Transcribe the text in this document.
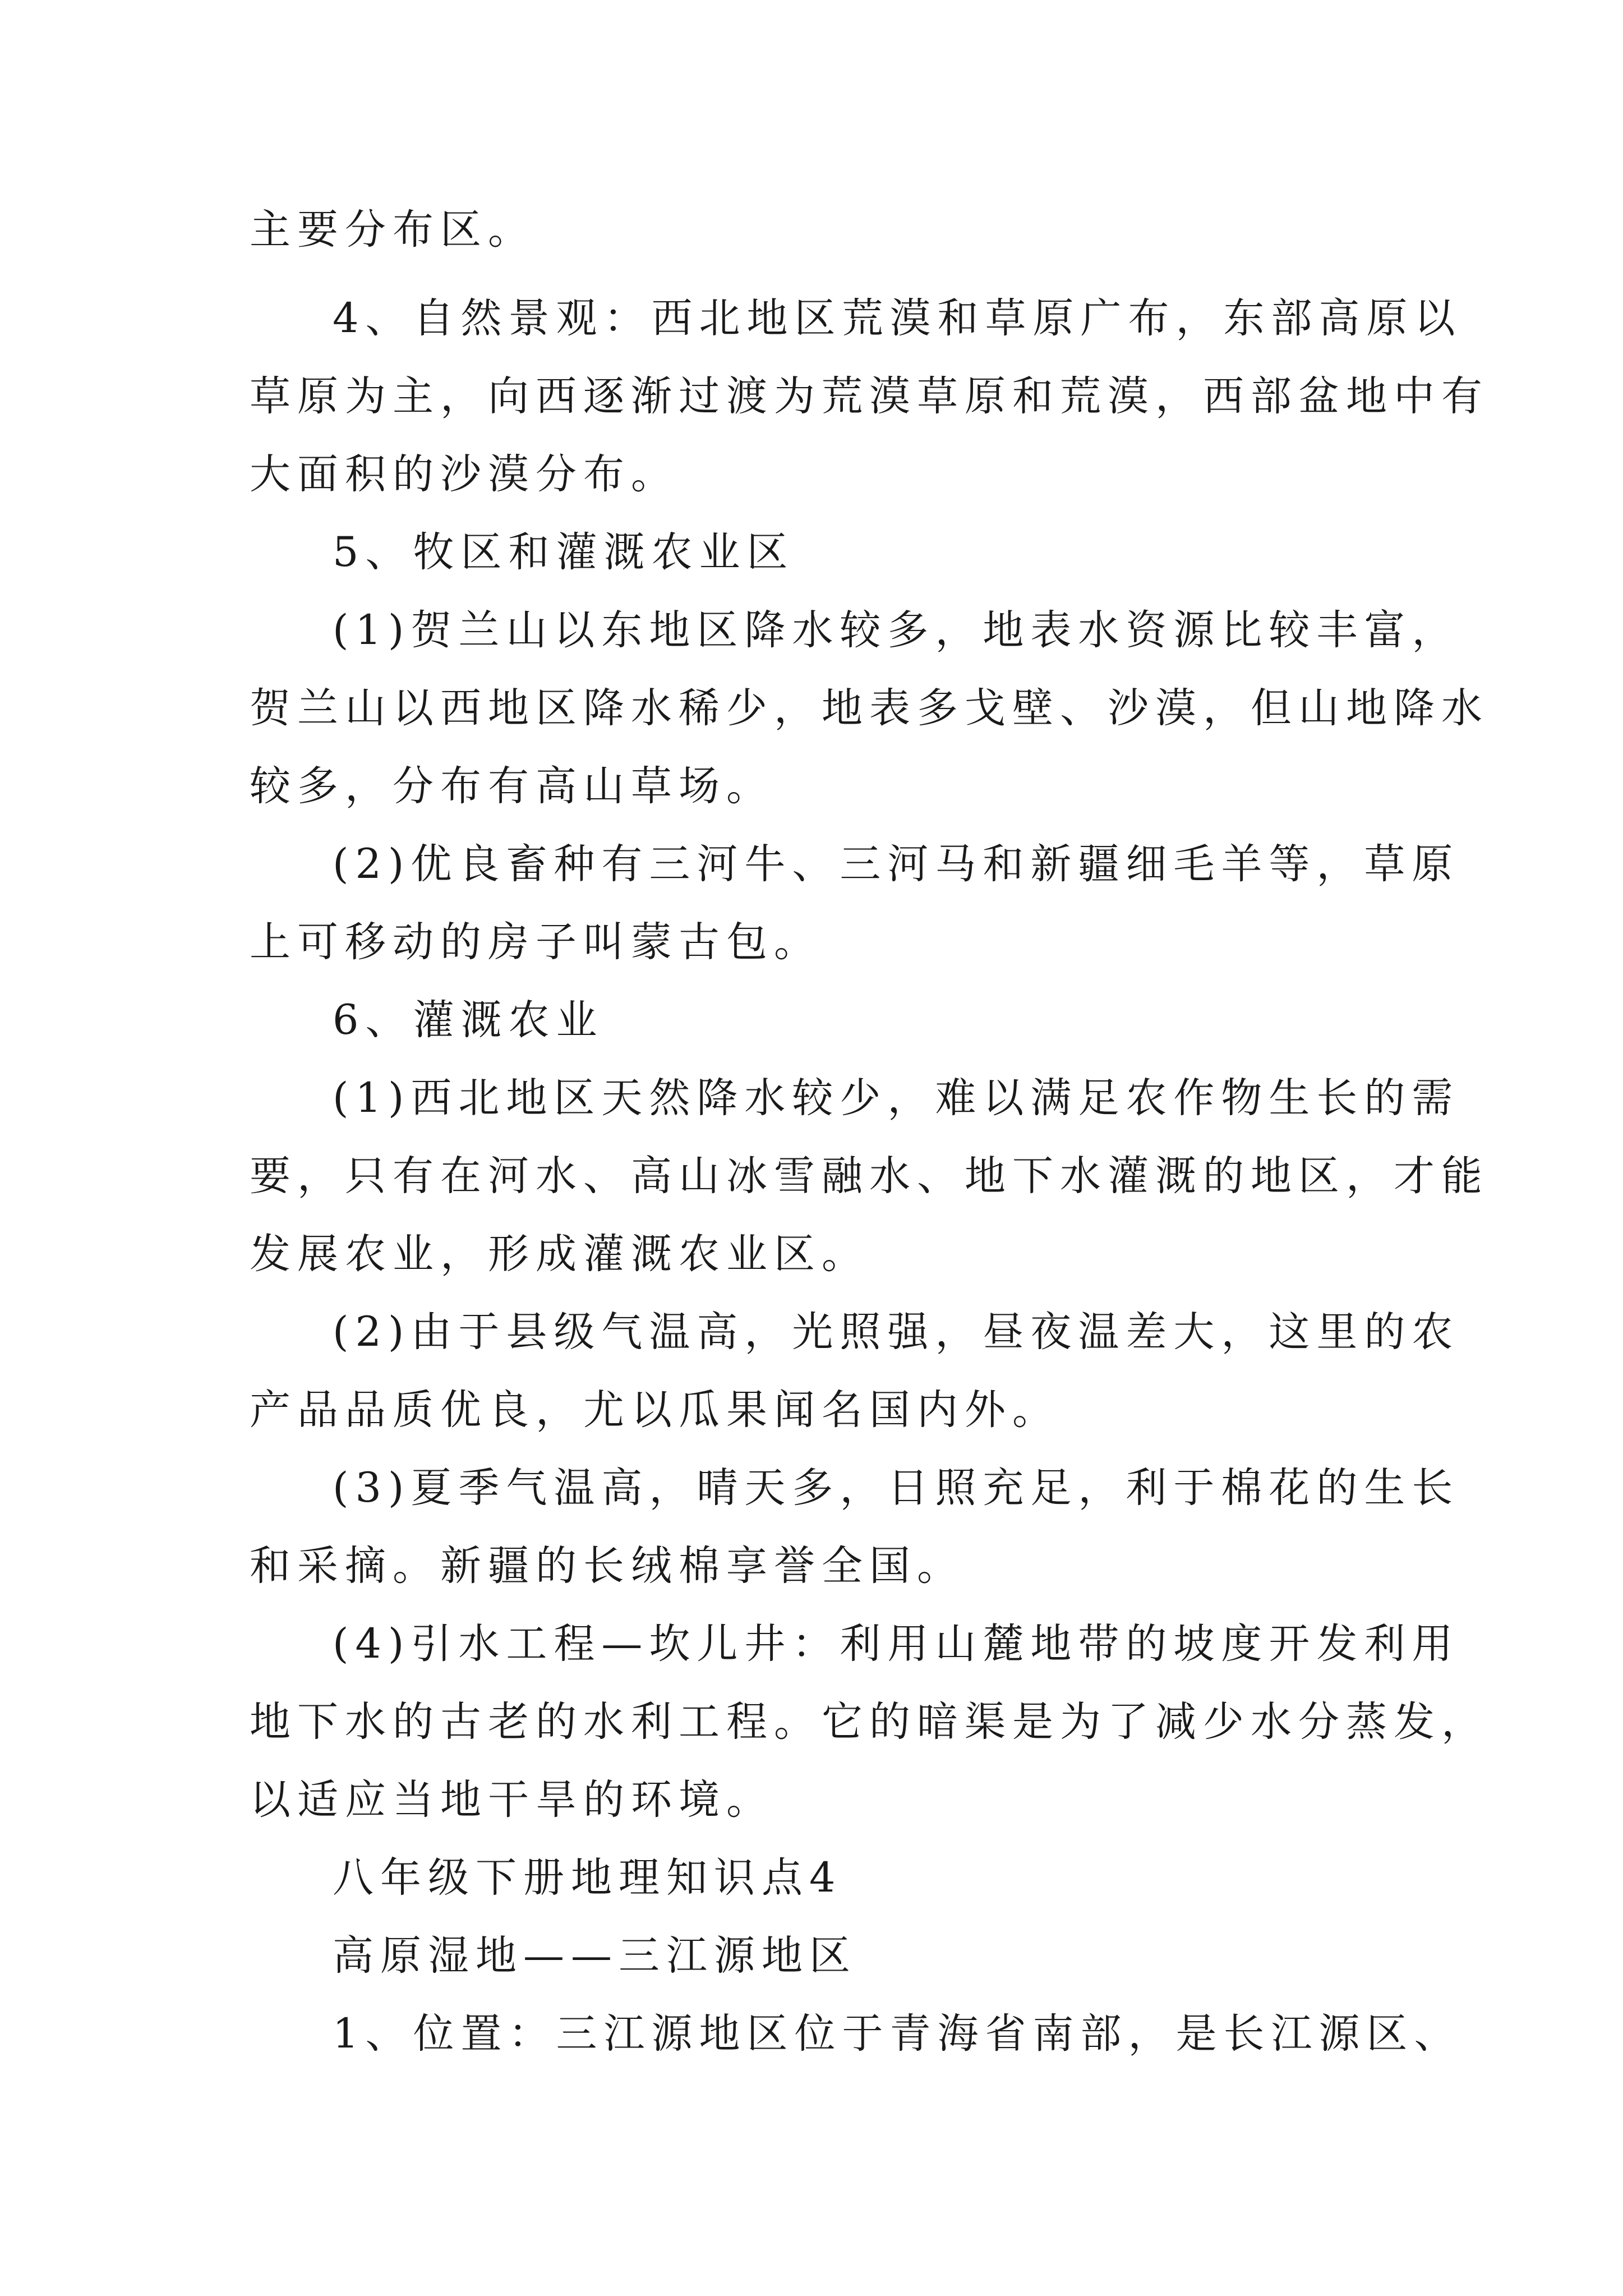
主要分布区。
4、自然景观：西北地区荒漠和草原广布，东部高原以
草原为主，向西逐渐过渡为荒漠草原和荒漠，西部盆地中有
大面积的沙漠分布。
5、牧区和灌溉农业区
(1)贺兰山以东地区降水较多，地表水资源比较丰富，
贺兰山以西地区降水稀少，地表多戈壁、沙漠，但山地降水
较多，分布有高山草场。
(2)优良畜种有三河牛、三河马和新疆细毛羊等，草原
上可移动的房子叫蒙古包。
6、灌溉农业
(1)西北地区天然降水较少，难以满足农作物生长的需
要，只有在河水、高山冰雪融水、地下水灌溉的地区，才能
发展农业，形成灌溉农业区。
(2)由于县级气温高，光照强，昼夜温差大，这里的农
产品品质优良，尤以瓜果闻名国内外。
(3)夏季气温高，晴天多，日照充足，利于棉花的生长
和采摘。新疆的长绒棉享誉全国。
(4)引水工程—坎儿井：利用山麓地带的坡度开发利用
地下水的古老的水利工程。它的暗渠是为了减少水分蒸发，
以适应当地干旱的环境。
八年级下册地理知识点4
高原湿地——三江源地区
1、位置：三江源地区位于青海省南部，是长江源区、
